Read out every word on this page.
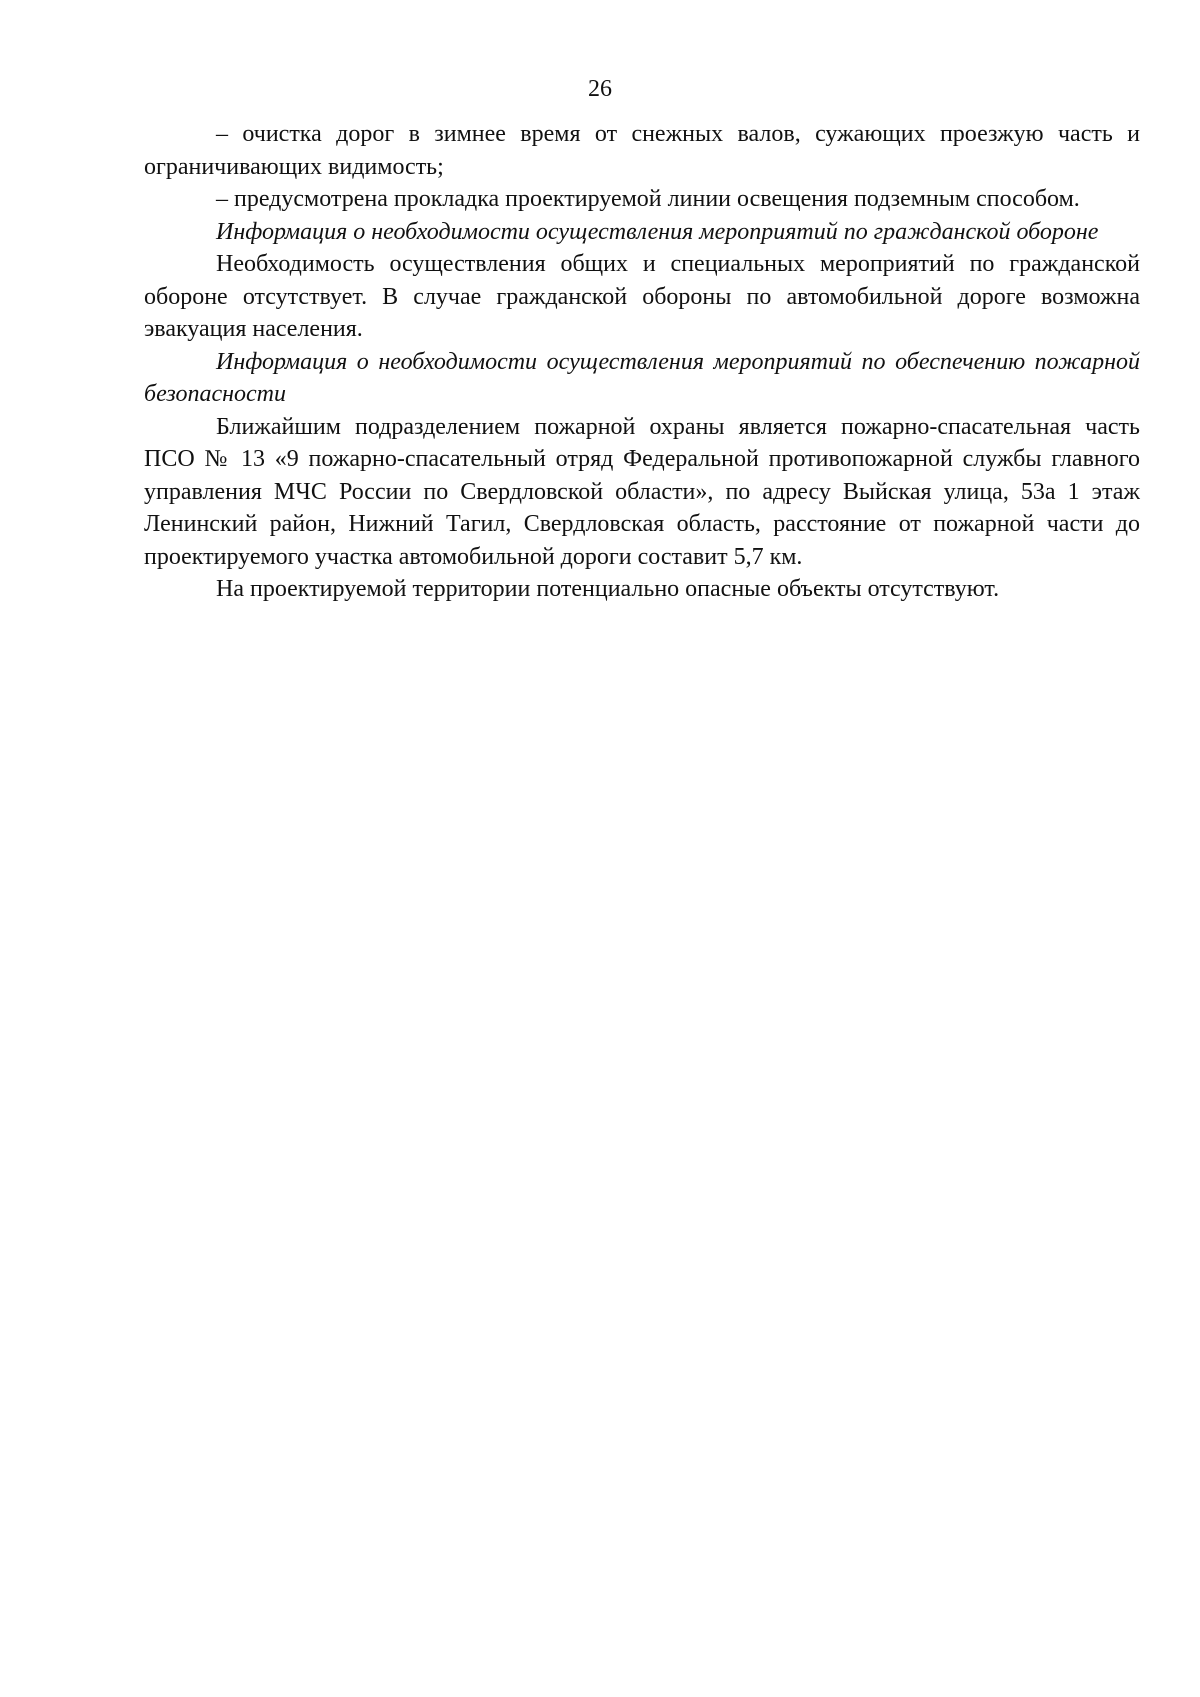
26

– очистка дорог в зимнее время от снежных валов, сужающих проезжую часть и ограничивающих видимость;

– предусмотрена прокладка проектируемой линии освещения подземным способом.

Информация о необходимости осуществления мероприятий по гражданской обороне

Необходимость осуществления общих и специальных мероприятий по гражданской обороне отсутствует. В случае гражданской обороны по автомобильной дороге возможна эвакуация населения.

Информация о необходимости осуществления мероприятий по обеспечению пожарной безопасности

Ближайшим подразделением пожарной охраны является пожарно-спасательная часть ПСО № 13 «9 пожарно-спасательный отряд Федеральной противопожарной службы главного управления МЧС России по Свердловской области», по адресу Выйская улица, 53а 1 этаж Ленинский район, Нижний Тагил, Свердловская область, расстояние от пожарной части до проектируемого участка автомобильной дороги составит 5,7 км.

На проектируемой территории потенциально опасные объекты отсутствуют.
